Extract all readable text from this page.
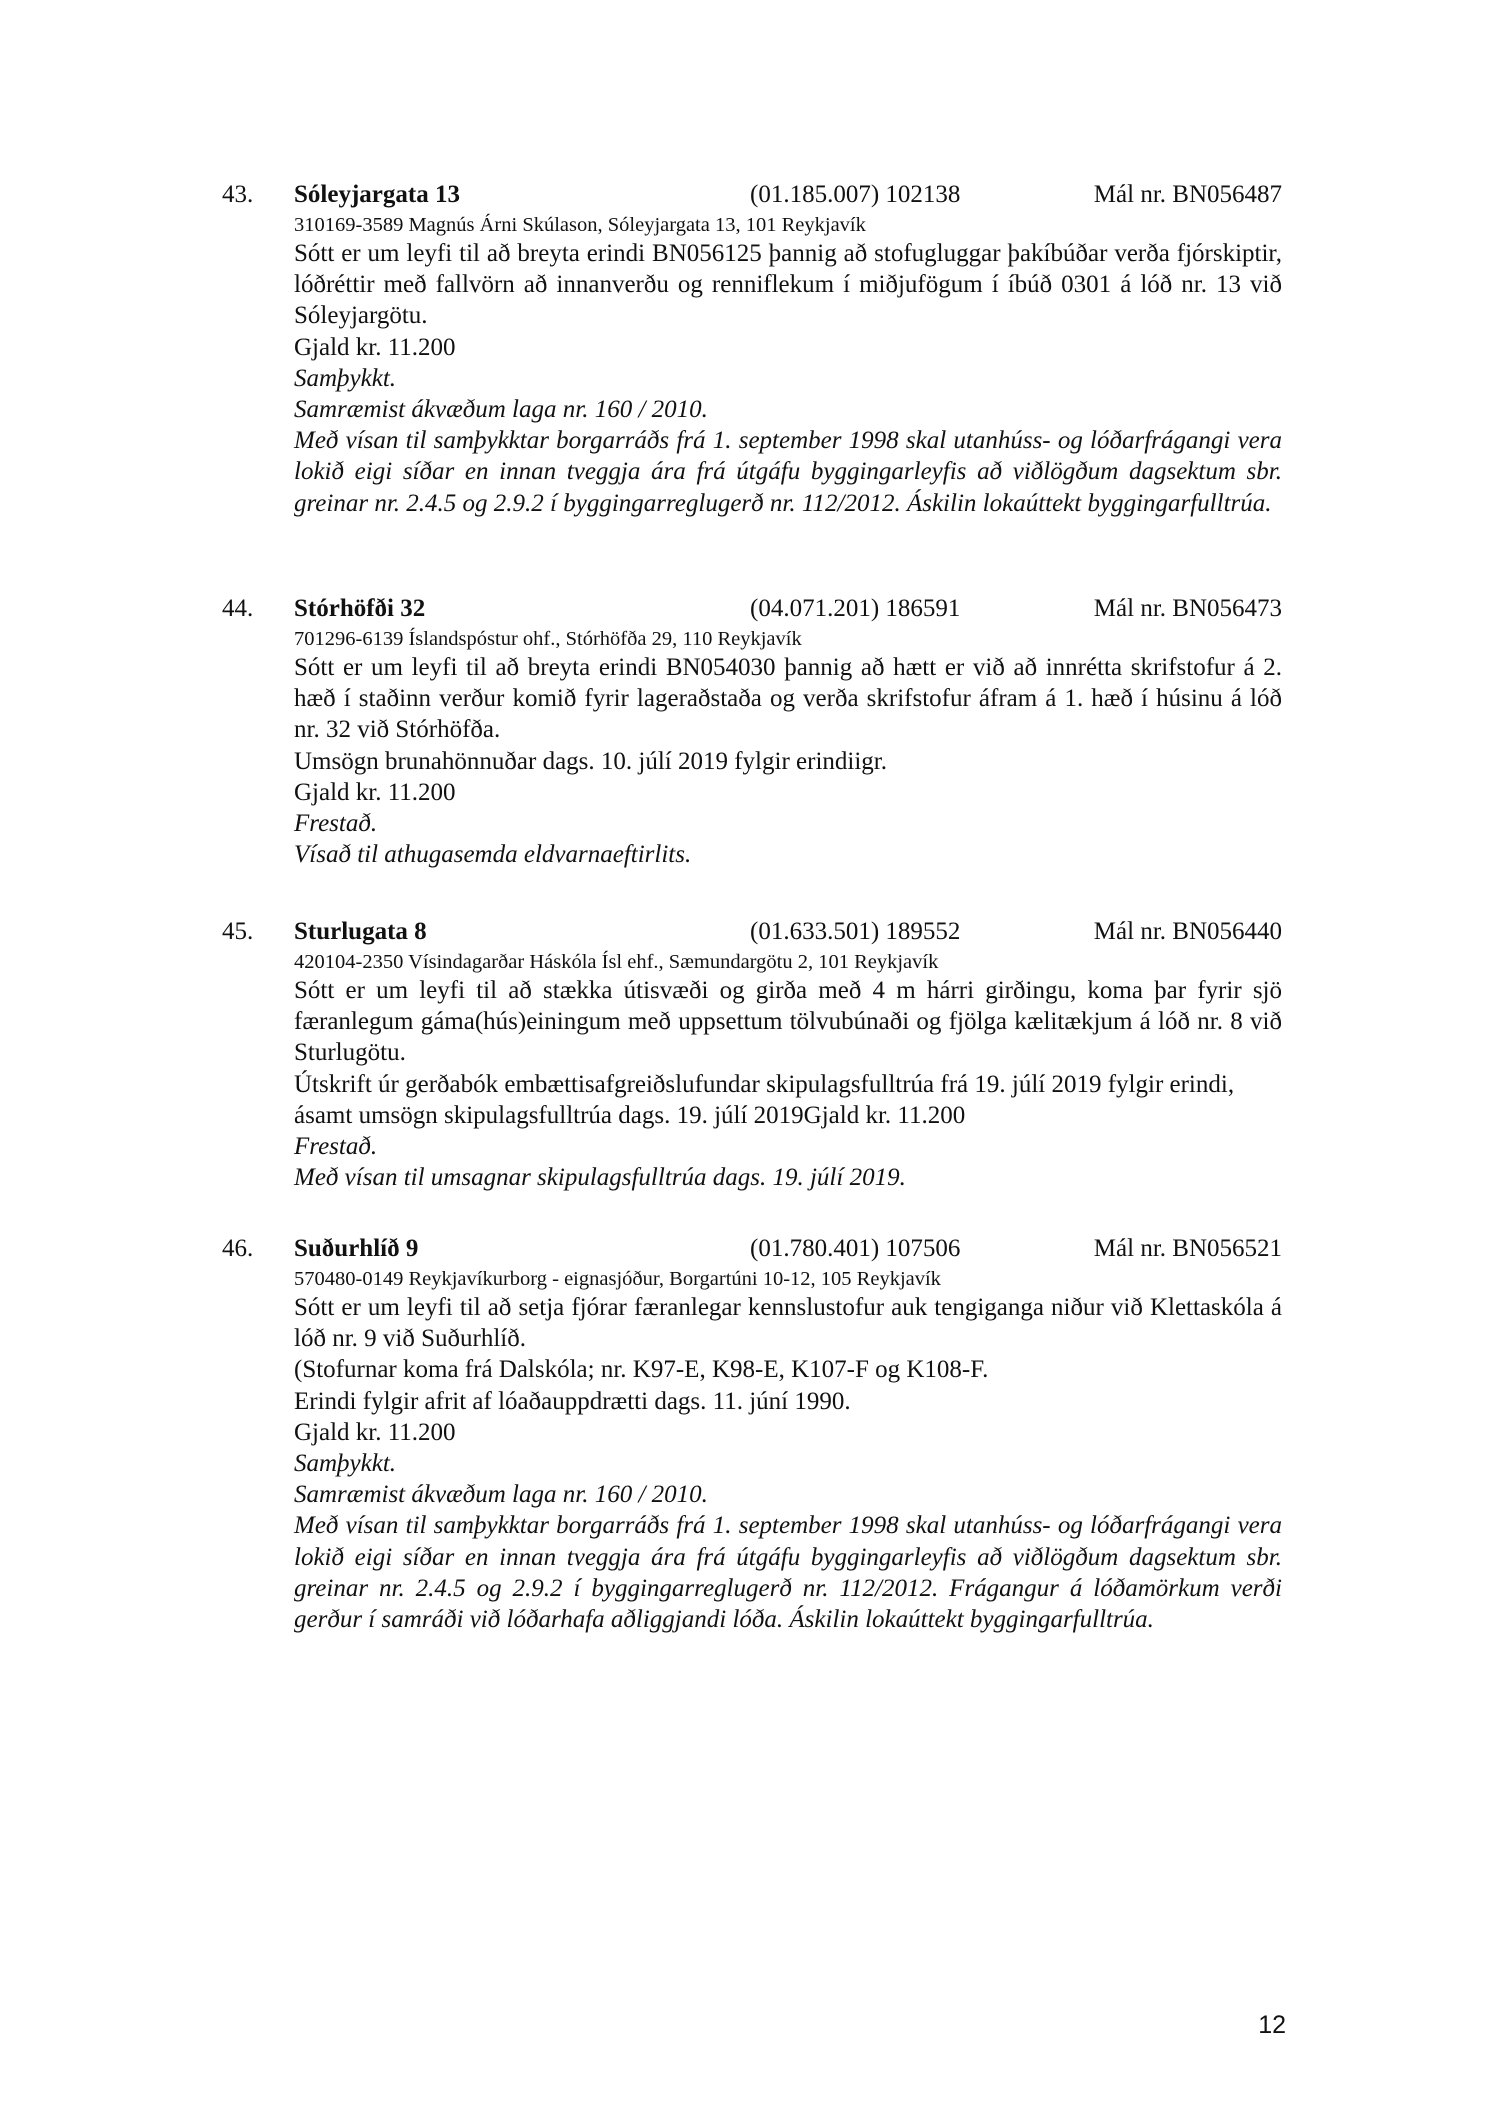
43. Sóleyjargata 13	(01.185.007) 102138	Mál nr. BN056487

310169-3589 Magnús Árni Skúlason, Sóleyjargata 13, 101 Reykjavík

Sótt er um leyfi til að breyta erindi BN056125 þannig að stofugluggar þakíbúðar verða fjórskiptir, lóðréttir með fallvörn að innanverðu og renniflekum í miðjufögum í íbúð 0301 á lóð nr. 13 við Sóleyjargötu.

Gjald kr. 11.200

Samþykkt.

Samræmist ákvæðum laga nr. 160 / 2010.

Með vísan til samþykktar borgarráðs frá 1. september 1998 skal utanhúss- og lóðarfrágangi vera lokið eigi síðar en innan tveggja ára frá útgáfu byggingarleyfis að viðlögðum dagsektum sbr. greinar nr. 2.4.5 og 2.9.2 í byggingarreglugerð nr. 112/2012. Áskilin lokaúttekt byggingarfulltrúa.

44. Stórhöfði 32	(04.071.201) 186591	Mál nr. BN056473

701296-6139 Íslandspóstur ohf., Stórhöfða 29, 110 Reykjavík

Sótt er um leyfi til að breyta erindi BN054030 þannig að hætt er við að innrétta skrifstofur á 2. hæð í staðinn verður komið fyrir lageraðstaða og verða skrifstofur áfram á 1. hæð í húsinu á lóð nr. 32 við Stórhöfða.

Umsögn brunahönnuðar dags. 10. júlí 2019 fylgir erindiigr.

Gjald kr. 11.200

Frestað.

Vísað til athugasemda eldvarnaeftirlits.

45. Sturlugata 8	(01.633.501) 189552	Mál nr. BN056440

420104-2350 Vísindagarðar Háskóla Ísl ehf., Sæmundargötu 2, 101 Reykjavík

Sótt er um leyfi til að stækka útisvæði og girða með 4 m hárri girðingu, koma þar fyrir sjö færanlegum gáma(hús)einingum með uppsettum tölvubúnaði og fjölga kælitækjum á lóð nr. 8 við Sturlugötu.

Útskrift úr gerðabók embættisafgreiðslufundar skipulagsfulltrúa frá 19. júlí 2019 fylgir erindi, ásamt umsögn skipulagsfulltrúa dags. 19. júlí 2019Gjald kr. 11.200

Frestað.

Með vísan til umsagnar skipulagsfulltrúa dags. 19. júlí 2019.

46. Suðurhlíð 9	(01.780.401) 107506	Mál nr. BN056521

570480-0149 Reykjavíkurborg - eignasjóður, Borgartúni 10-12, 105 Reykjavík

Sótt er um leyfi til að setja fjórar færanlegar kennslustofur auk tengiganga niður við Klettaskóla á lóð nr. 9 við Suðurhlíð.

(Stofurnar koma frá Dalskóla; nr. K97-E, K98-E, K107-F og K108-F.

Erindi fylgir afrit af lóaðauppdrætti dags. 11. júní 1990.

Gjald kr. 11.200

Samþykkt.

Samræmist ákvæðum laga nr. 160 / 2010.

Með vísan til samþykktar borgarráðs frá 1. september 1998 skal utanhúss- og lóðarfrágangi vera lokið eigi síðar en innan tveggja ára frá útgáfu byggingarleyfis að viðlögðum dagsektum sbr. greinar nr. 2.4.5 og 2.9.2 í byggingarreglugerð nr. 112/2012. Frágangur á lóðamörkum verði gerður í samráði við lóðarhafa aðliggjandi lóða. Áskilin lokaúttekt byggingarfulltrúa.

12
